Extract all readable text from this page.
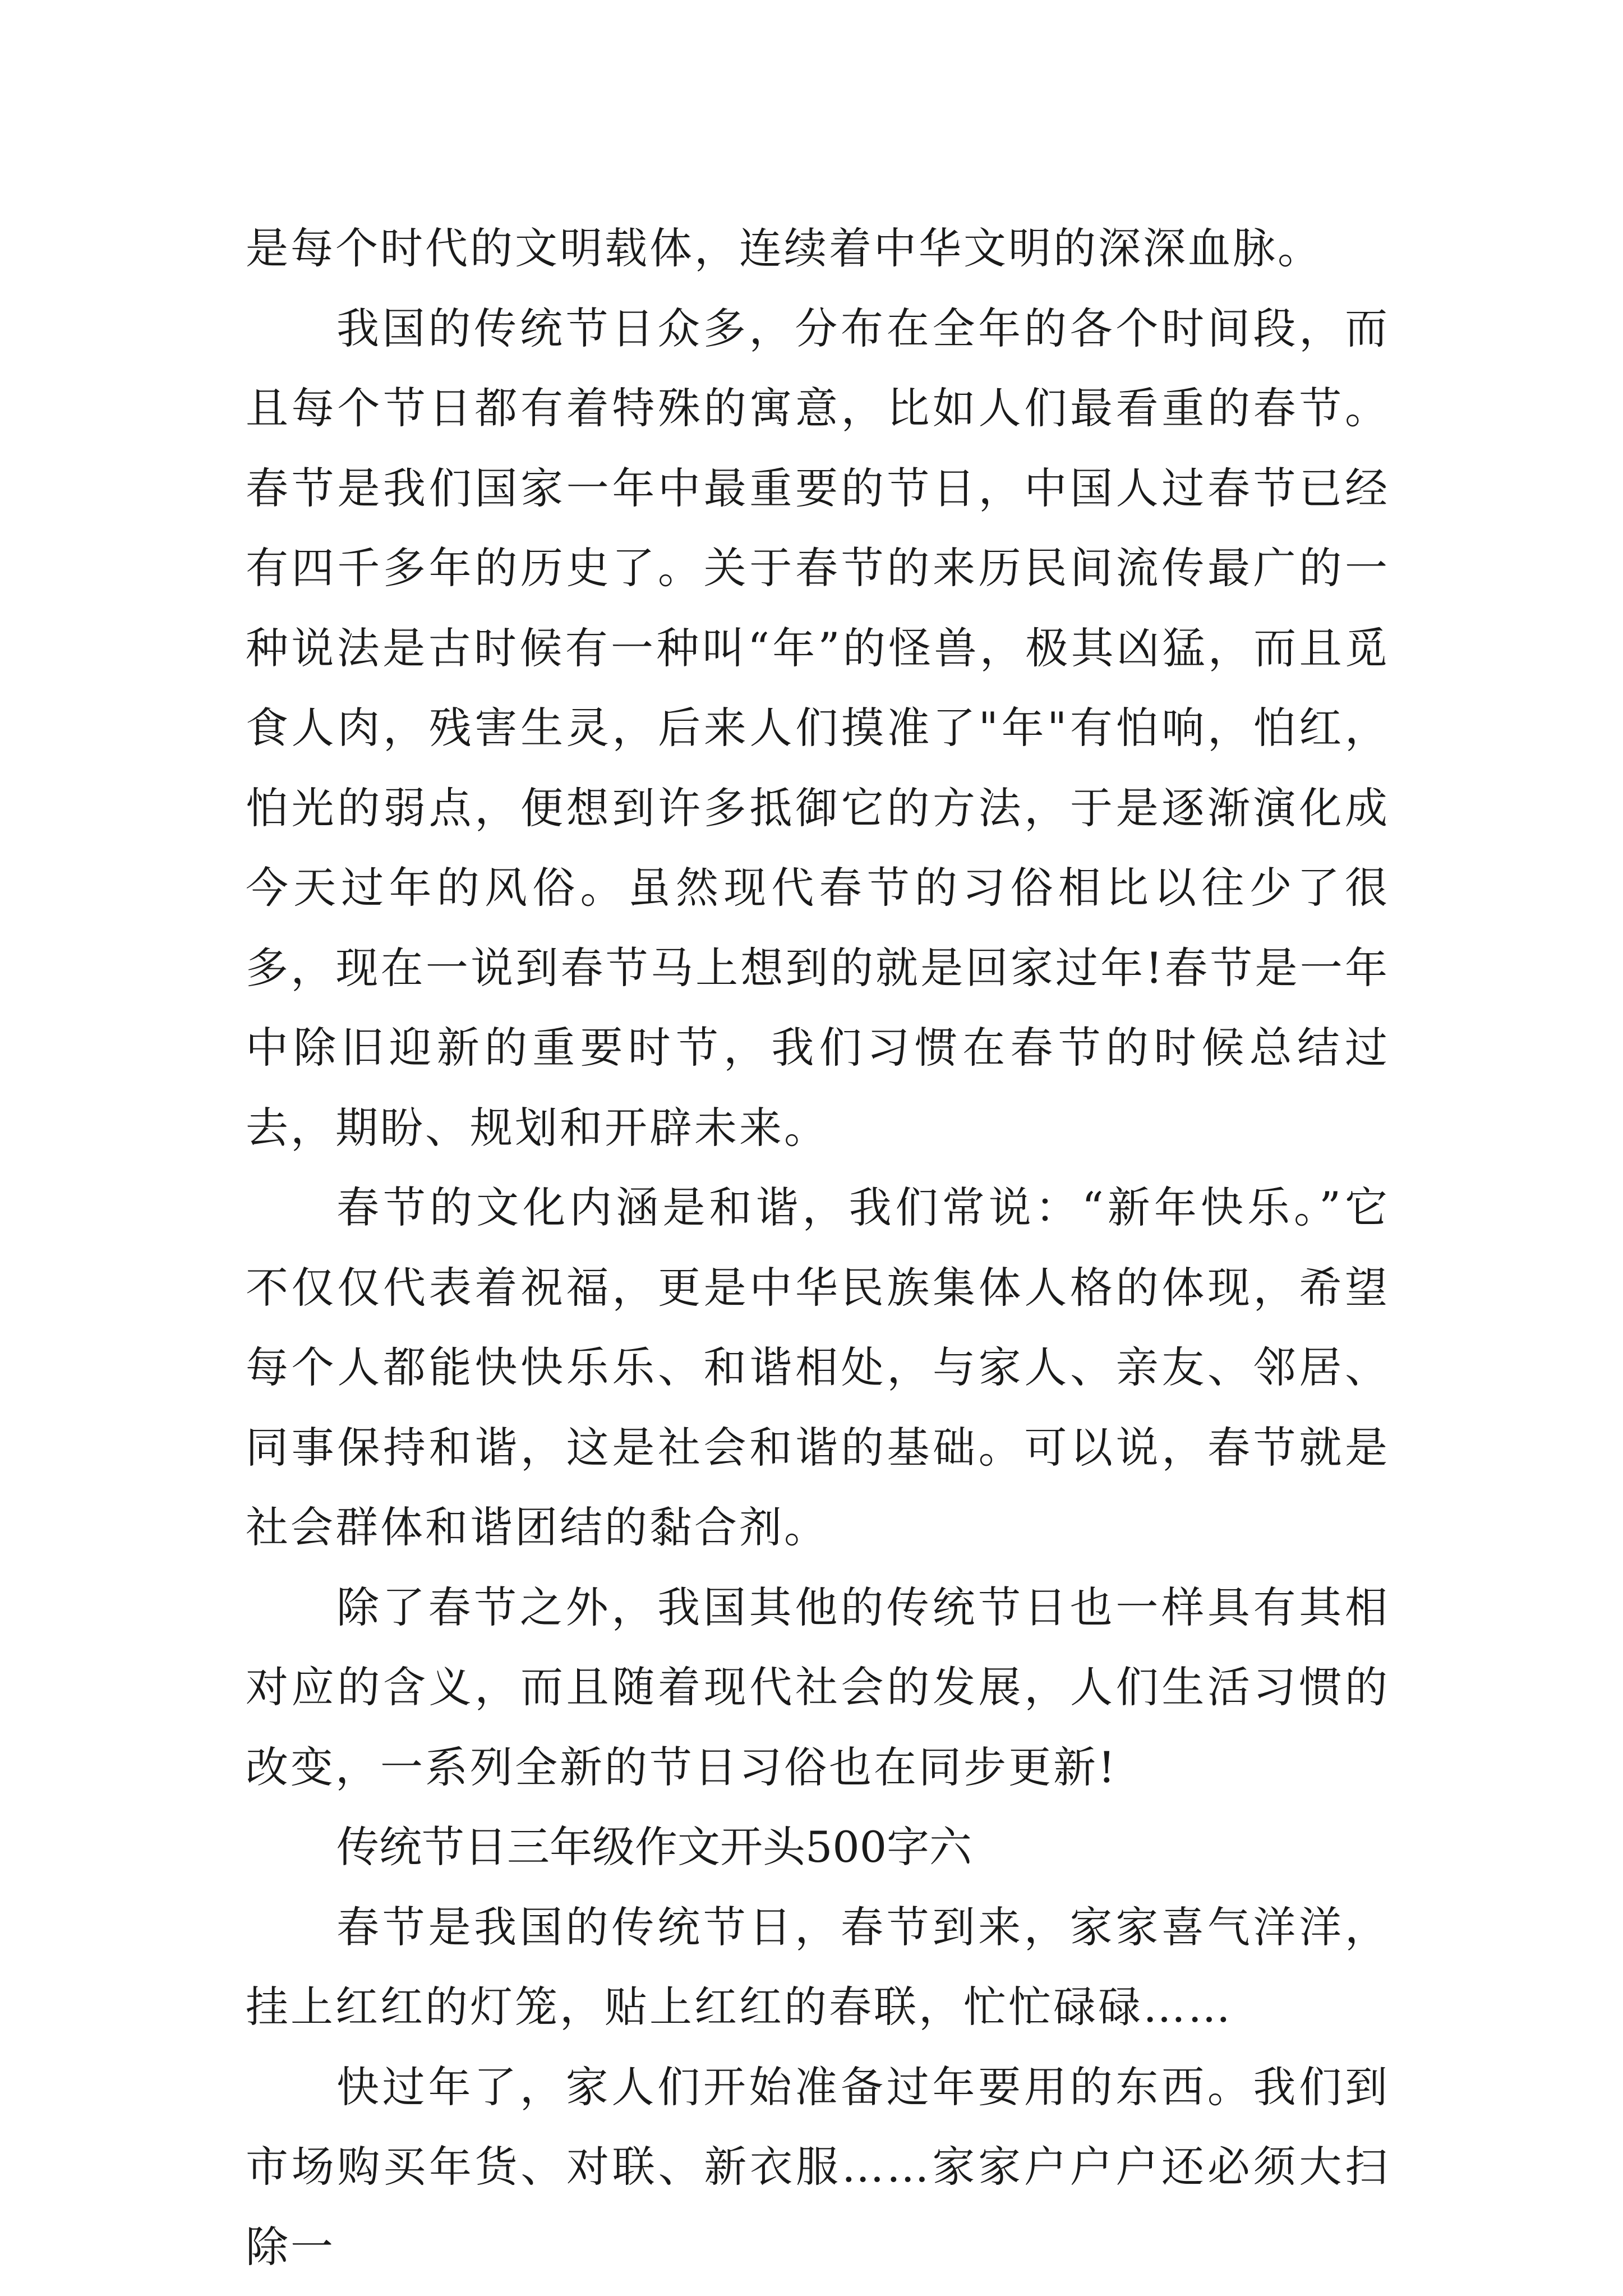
是每个时代的文明载体，连续着中华文明的深深血脉。

我国的传统节日众多，分布在全年的各个时间段，而且每个节日都有着特殊的寓意，比如人们最看重的春节。春节是我们国家一年中最重要的节日，中国人过春节已经有四千多年的历史了。关于春节的来历民间流传最广的一种说法是古时候有一种叫“年”的怪兽，极其凶猛，而且觅食人肉，残害生灵，后来人们摸准了"年"有怕响，怕红，怕光的弱点，便想到许多抵御它的方法，于是逐渐演化成今天过年的风俗。虽然现代春节的习俗相比以往少了很多，现在一说到春节马上想到的就是回家过年!春节是一年中除旧迎新的重要时节，我们习惯在春节的时候总结过去，期盼、规划和开辟未来。

春节的文化内涵是和谐，我们常说：“新年快乐。”它不仅仅代表着祝福，更是中华民族集体人格的体现，希望每个人都能快快乐乐、和谐相处，与家人、亲友、邻居、同事保持和谐，这是社会和谐的基础。可以说，春节就是社会群体和谐团结的黏合剂。

除了春节之外，我国其他的传统节日也一样具有其相对应的含义，而且随着现代社会的发展，人们生活习惯的改变，一系列全新的节日习俗也在同步更新!

传统节日三年级作文开头500字六

春节是我国的传统节日，春节到来，家家喜气洋洋，挂上红红的灯笼，贴上红红的春联，忙忙碌碌……

快过年了，家人们开始准备过年要用的东西。我们到市场购买年货、对联、新衣服……家家户户户还必须大扫除一
